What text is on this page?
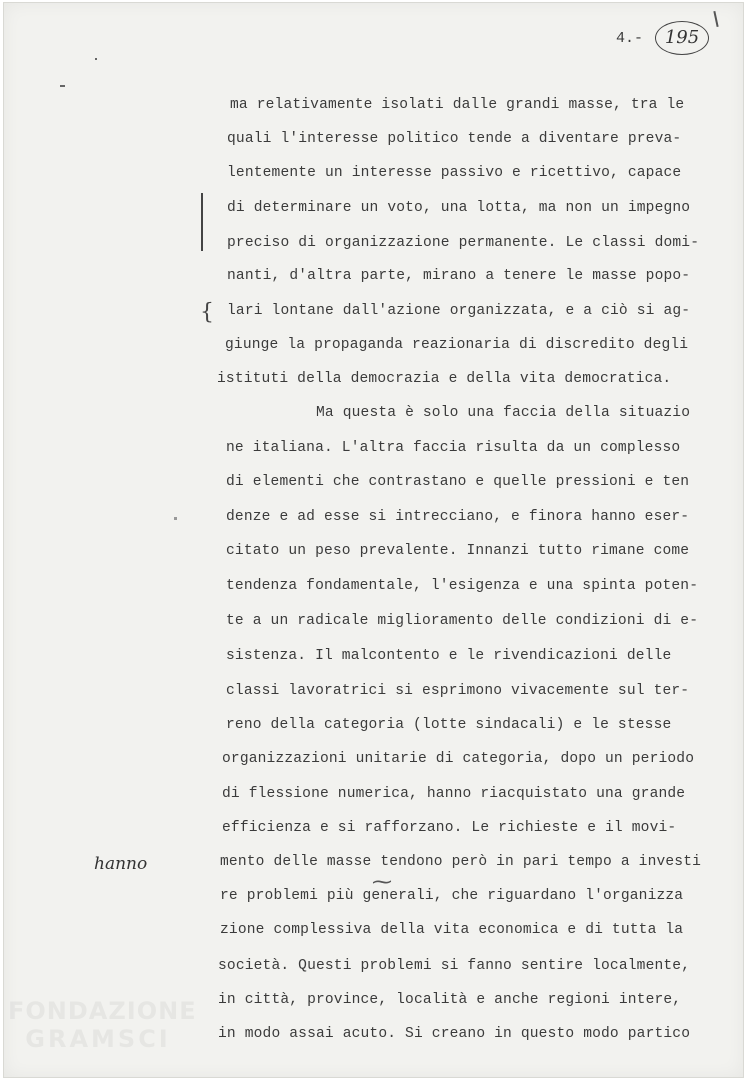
4.-	195
{
ma relativamente isolati dalle grandi masse, tra le
quali l'interesse politico tende a diventare preva-
lentemente un interesse passivo e ricettivo, capace
di determinare un voto, una lotta, ma non un impegno
preciso di organizzazione permanente. Le classi domi-
nanti, d'altra parte, mirano a tenere le masse popo-
lari lontane dall'azione organizzata, e a ciò si ag-
giunge la propaganda reazionaria di discredito degli
istituti della democrazia e della vita democratica.
Ma questa è solo una faccia della situazio
ne italiana. L'altra faccia risulta da un complesso
di elementi che contrastano e quelle pressioni e ten
denze e ad esse si intrecciano, e finora hanno eser-
citato un peso prevalente. Innanzi tutto rimane come
tendenza fondamentale, l'esigenza e una spinta poten-
te a un radicale miglioramento delle condizioni di e-
sistenza. Il malcontento e le rivendicazioni delle
classi lavoratrici si esprimono vivacemente sul ter-
reno della categoria (lotte sindacali) e le stesse
organizzazioni unitarie di categoria, dopo un periodo
di flessione numerica, hanno riacquistato una grande
efficienza e si rafforzano. Le richieste e il movi-
mento delle masse tendono però in pari tempo a investi
re problemi più generali, che riguardano l'organizza
zione complessiva della vita economica e di tutta la
società. Questi problemi si fanno sentire localmente,
in città, province, località e anche regioni intere,
in modo assai acuto. Si creano in questo modo partico
⁓
hanno
FONDAZIONE
GRAMSCI
